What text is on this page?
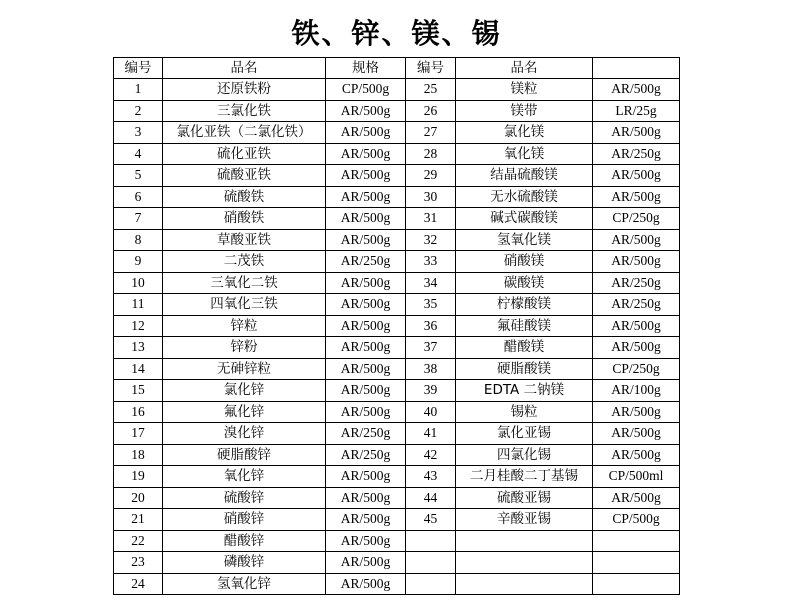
铁、锌、镁、锡
编号	品名	规格	编号	品名	
1	还原铁粉	CP/500g	25	镁粒	AR/500g
2	三氯化铁	AR/500g	26	镁带	LR/25g
3	氯化亚铁（二氯化铁）	AR/500g	27	氯化镁	AR/500g
4	硫化亚铁	AR/500g	28	氧化镁	AR/250g
5	硫酸亚铁	AR/500g	29	结晶硫酸镁	AR/500g
6	硫酸铁	AR/500g	30	无水硫酸镁	AR/500g
7	硝酸铁	AR/500g	31	碱式碳酸镁	CP/250g
8	草酸亚铁	AR/500g	32	氢氧化镁	AR/500g
9	二茂铁	AR/250g	33	硝酸镁	AR/500g
10	三氧化二铁	AR/500g	34	碳酸镁	AR/250g
11	四氧化三铁	AR/500g	35	柠檬酸镁	AR/250g
12	锌粒	AR/500g	36	氟硅酸镁	AR/500g
13	锌粉	AR/500g	37	醋酸镁	AR/500g
14	无砷锌粒	AR/500g	38	硬脂酸镁	CP/250g
15	氯化锌	AR/500g	39	EDTA 二钠镁	AR/100g
16	氟化锌	AR/500g	40	锡粒	AR/500g
17	溴化锌	AR/250g	41	氯化亚锡	AR/500g
18	硬脂酸锌	AR/250g	42	四氯化锡	AR/500g
19	氧化锌	AR/500g	43	二月桂酸二丁基锡	CP/500ml
20	硫酸锌	AR/500g	44	硫酸亚锡	AR/500g
21	硝酸锌	AR/500g	45	辛酸亚锡	CP/500g
22	醋酸锌	AR/500g			
23	磷酸锌	AR/500g			
24	氢氧化锌	AR/500g			
